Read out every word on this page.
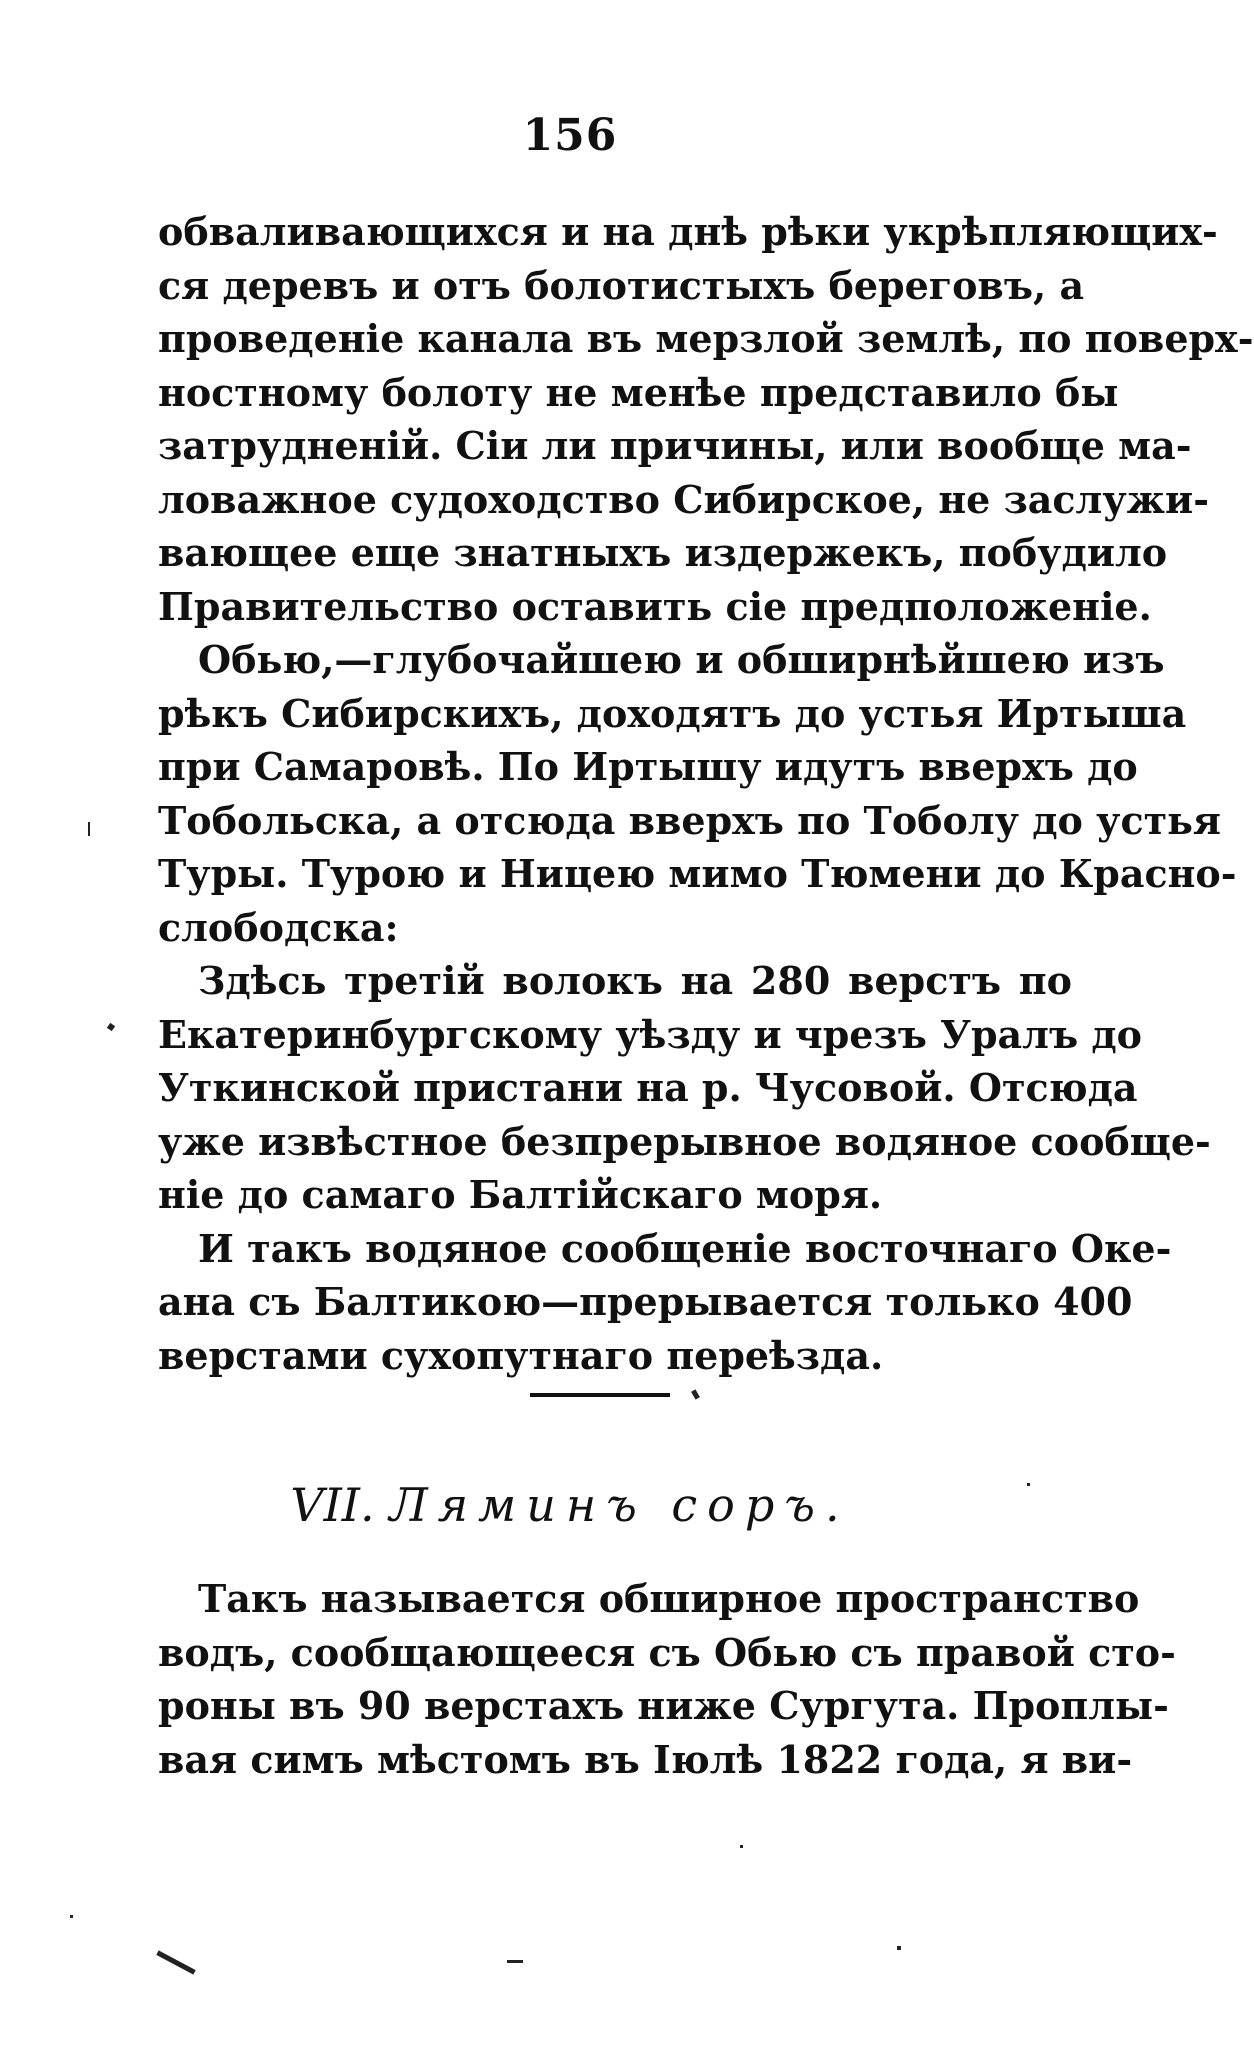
156
обваливающихся и на днѣ рѣки укрѣпляющих-
ся деревъ и отъ болотистыхъ береговъ, а
проведеніе канала въ мерзлой землѣ, по поверх-
ностному болоту не менѣе представило бы
затрудненій. Сіи ли причины, или вообще ма-
ловажное судоходство Сибирское, не заслужи-
вающее еще знатныхъ издержекъ, побудило
Правительство оставить сіе предположеніе.
Обью,—глубочайшею и обширнѣйшею изъ
рѣкъ Сибирскихъ, доходятъ до устья Иртыша
при Самаровѣ. По Иртышу идутъ вверхъ до
Тобольска, а отсюда вверхъ по Тоболу до устья
Туры. Турою и Ницею мимо Тюмени до Красно-
слободска:
Здѣсь третій волокъ на 280 верстъ по
Екатеринбургскому уѣзду и чрезъ Уралъ до
Уткинской пристани на р. Чусовой. Отсюда
уже извѣстное безпрерывное водяное сообще-
ніе до самаго Балтійскаго моря.
И такъ водяное сообщеніе восточнаго Оке-
ана съ Балтикою—прерывается только 400
верстами сухопутнаго переѣзда.
VII. Ляминъ соръ.
Такъ называется обширное пространство
водъ, сообщающееся съ Обью съ правой сто-
роны въ 90 верстахъ ниже Сургута. Проплы-
вая симъ мѣстомъ въ Іюлѣ 1822 года, я ви-
